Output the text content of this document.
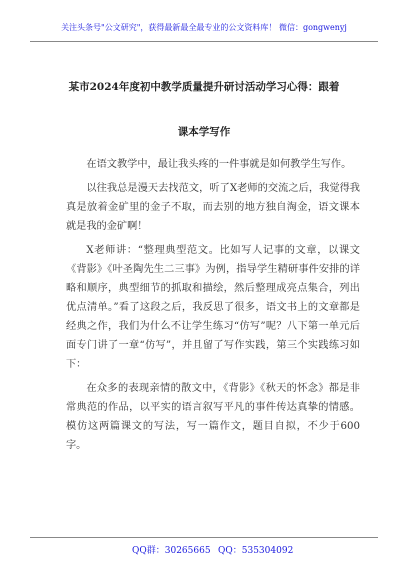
关注头条号"公文研究"，获得最新最全最专业的公文资料库！ 微信：gongwenyj
某市2024年度初中教学质量提升研讨活动学习心得：跟着
课本学写作

在语文教学中，最让我头疼的一件事就是如何教学生写作。

以往我总是漫天去找范文，听了X老师的交流之后，我觉得我真是放着金矿里的金子不取，而去别的地方独自淘金，语文课本就是我的金矿啊！

X老师讲：“整理典型范文。比如写人记事的文章，以课文《背影》《叶圣陶先生二三事》为例，指导学生精研事件安排的详略和顺序，典型细节的抓取和描绘，然后整理成亮点集合，列出优点清单。”看了这段之后，我反思了很多，语文书上的文章都是经典之作，我们为什么不让学生练习“仿写”呢？八下第一单元后面专门讲了一章“仿写”，并且留了写作实践，第三个实践练习如下：

在众多的表现亲情的散文中，《背影》《秋天的怀念》都是非常典范的作品，以平实的语言叙写平凡的事件传达真挚的情感。模仿这两篇课文的写法，写一篇作文，题目自拟，不少于600字。

QQ群：30265665 QQ：535304092
